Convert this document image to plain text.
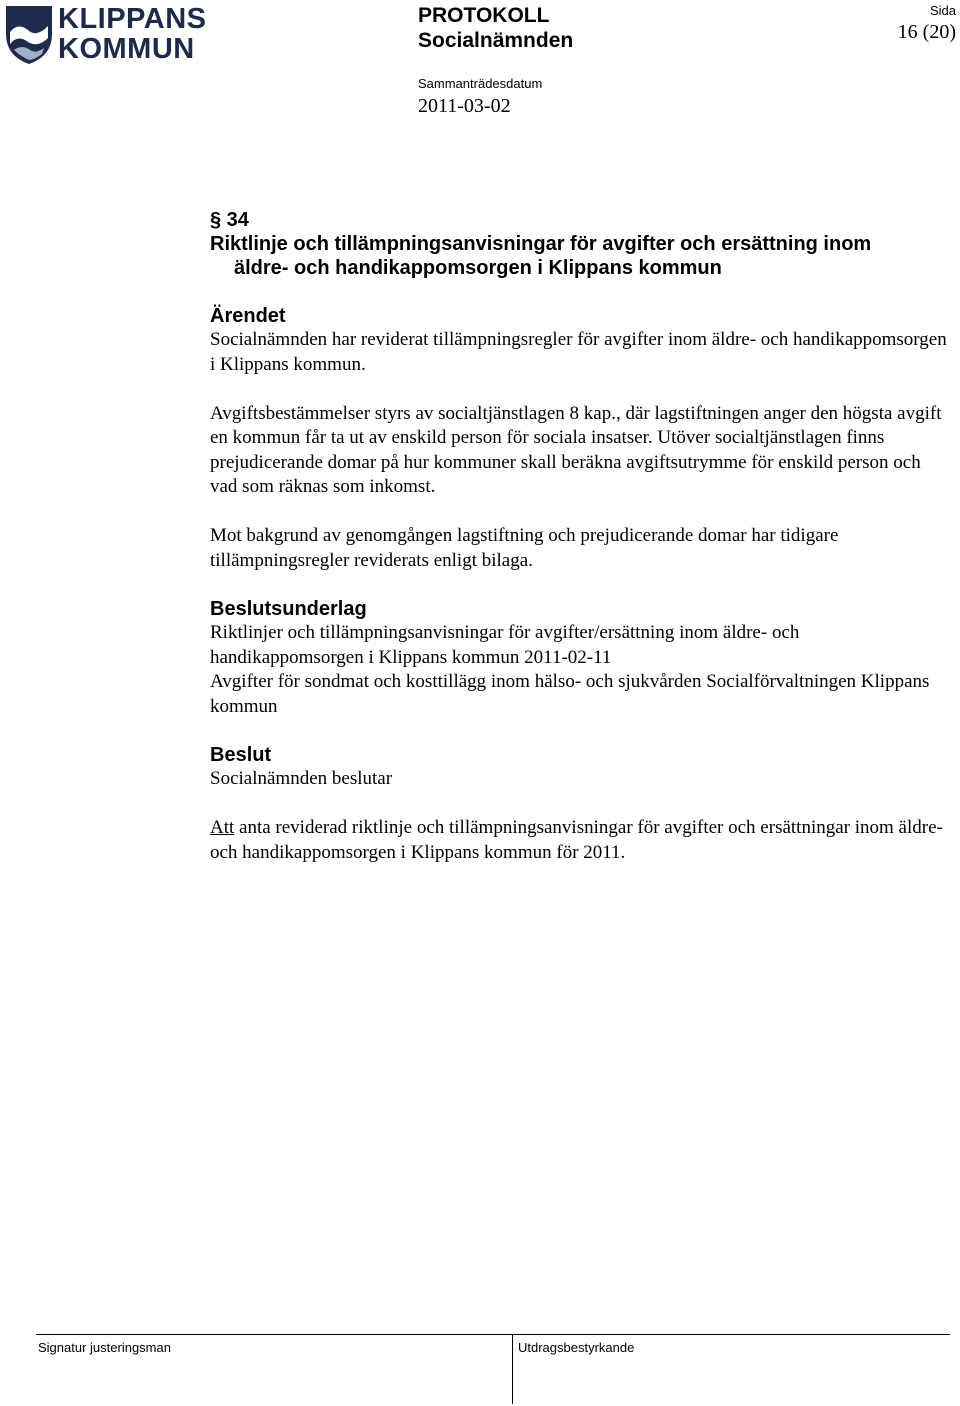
KLIPPANS
KOMMUN
PROTOKOLL
Socialnämnden
Sammanträdesdatum
2011-03-02
Sida
16 (20)
§ 34
Riktlinje och tillämpningsanvisningar för avgifter och ersättning inom
äldre- och handikappomsorgen i Klippans kommun
Ärendet
Socialnämnden har reviderat tillämpningsregler för avgifter inom äldre- och handikappomsorgen i Klippans kommun.
Avgiftsbestämmelser styrs av socialtjänstlagen 8 kap., där lagstiftningen anger den högsta avgift en kommun får ta ut av enskild person för sociala insatser. Utöver socialtjänstlagen finns prejudicerande domar på hur kommuner skall beräkna avgiftsutrymme för enskild person och vad som räknas som inkomst.
Mot bakgrund av genomgången lagstiftning och prejudicerande domar har tidigare tillämpningsregler reviderats enligt bilaga.
Beslutsunderlag
Riktlinjer och tillämpningsanvisningar för avgifter/ersättning inom äldre- och handikappomsorgen i Klippans kommun 2011-02-11
Avgifter för sondmat och kosttillägg inom hälso- och sjukvården Socialförvaltningen Klippans kommun
Beslut
Socialnämnden beslutar
Att anta reviderad riktlinje och tillämpningsanvisningar för avgifter och ersättningar inom äldre- och handikappomsorgen i Klippans kommun för 2011.
Signatur justeringsman	Utdragsbestyrkande
